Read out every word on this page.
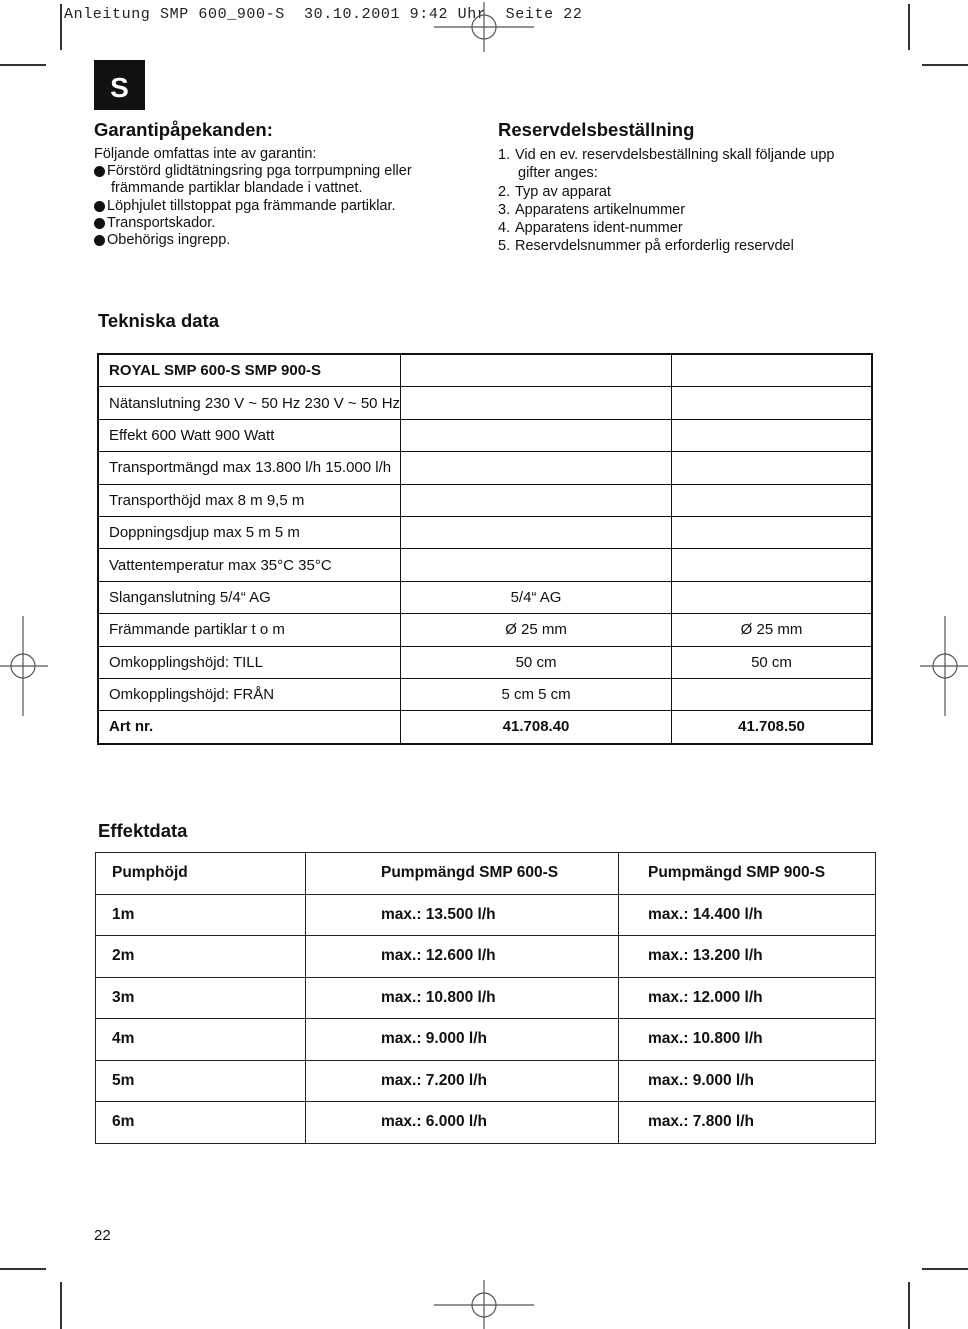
Anleitung SMP 600_900-S  30.10.2001 9:42 Uhr  Seite 22
S
Garantipåpekanden:
Följande omfattas inte av garantin:
Förstörd glidtätningsring pga torrpumpning eller
främmande partiklar blandade i vattnet.
Löphjulet tillstoppat pga främmande partiklar.
Transportskador.
Obehörigs ingrepp.
Reservdelsbeställning
1. Vid en ev. reservdelsbeställning skall följande upp
gifter anges:
2. Typ av apparat
3. Apparatens artikelnummer
4. Apparatens ident-nummer
5. Reservdelsnummer på erforderlig reservdel
Tekniska data
ROYAL SMP 600-S SMP 900-S		
Nätanslutning 230 V ~ 50 Hz 230 V ~ 50 Hz		
Effekt 600 Watt 900 Watt		
Transportmängd max 13.800 l/h 15.000 l/h		
Transporthöjd max 8 m 9,5 m		
Doppningsdjup max 5 m 5 m		
Vattentemperatur max 35°C 35°C		
Slanganslutning 5/4“ AG	5/4“ AG	
Främmande partiklar t o m	Ø 25 mm	Ø 25 mm
Omkopplingshöjd: TILL	50 cm	50 cm
Omkopplingshöjd: FRÅN	5 cm 5 cm	
Art nr.	41.708.40	41.708.50
Effektdata
Pumphöjd	Pumpmängd SMP 600-S	Pumpmängd SMP 900-S
1m	max.: 13.500 l/h	max.: 14.400 l/h
2m	max.: 12.600 l/h	max.: 13.200 l/h
3m	max.: 10.800 l/h	max.: 12.000 l/h
4m	max.: 9.000 l/h	max.: 10.800 l/h
5m	max.: 7.200 l/h	max.: 9.000 l/h
6m	max.: 6.000 l/h	max.: 7.800 l/h
22
